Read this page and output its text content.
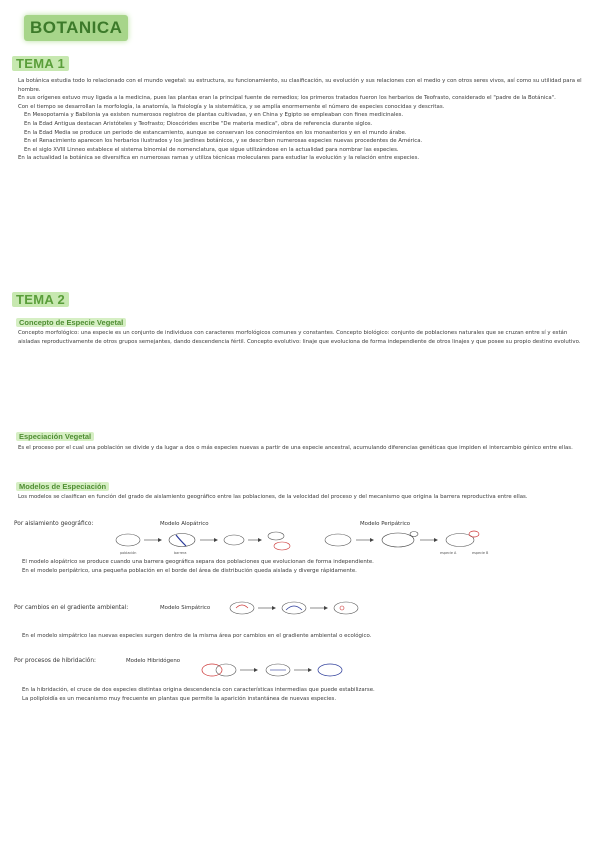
BOTANICA
TEMA 1

La botánica estudia todo lo relacionado con el mundo vegetal: su estructura, su funcionamiento, su clasificación, su evolución y sus relaciones con el medio y con otros seres vivos, así como su utilidad para el hombre.

En sus orígenes estuvo muy ligada a la medicina, pues las plantas eran la principal fuente de remedios; los primeros tratados fueron los herbarios de Teofrasto, considerado el "padre de la Botánica".

Con el tiempo se desarrollan la morfología, la anatomía, la fisiología y la sistemática, y se amplía enormemente el número de especies conocidas y descritas.

En Mesopotamia y Babilonia ya existen numerosos registros de plantas cultivadas, y en China y Egipto se empleaban con fines medicinales.

En la Edad Antigua destacan Aristóteles y Teofrasto; Dioscórides escribe "De materia medica", obra de referencia durante siglos.

En la Edad Media se produce un periodo de estancamiento, aunque se conservan los conocimientos en los monasterios y en el mundo árabe.

En el Renacimiento aparecen los herbarios ilustrados y los jardines botánicos, y se describen numerosas especies nuevas procedentes de América.

En el siglo XVIII Linneo establece el sistema binomial de nomenclatura, que sigue utilizándose en la actualidad para nombrar las especies.

En la actualidad la botánica se diversifica en numerosas ramas y utiliza técnicas moleculares para estudiar la evolución y la relación entre especies.

TEMA 2
Concepto de Especie Vegetal

Concepto morfológico: una especie es un conjunto de individuos con caracteres morfológicos comunes y constantes. Concepto biológico: conjunto de poblaciones naturales que se cruzan entre sí y están aisladas reproductivamente de otros grupos semejantes, dando descendencia fértil. Concepto evolutivo: linaje que evoluciona de forma independiente de otros linajes y que posee su propio destino evolutivo.

Especiación Vegetal

Es el proceso por el cual una población se divide y da lugar a dos o más especies nuevas a partir de una especie ancestral, acumulando diferencias genéticas que impiden el intercambio génico entre ellas.

Modelos de Especiación

Los modelos se clasifican en función del grado de aislamiento geográfico entre las poblaciones, de la velocidad del proceso y del mecanismo que origina la barrera reproductiva entre ellas.

Por aislamiento geográfico:	Modelo Alopátrico	Modelo Peripátrico
población	barrera	especie A	especie B

El modelo alopátrico se produce cuando una barrera geográfica separa dos poblaciones que evolucionan de forma independiente.

En el modelo peripátrico, una pequeña población en el borde del área de distribución queda aislada y diverge rápidamente.

Por cambios en el gradiente ambiental:	Modelo Simpátrico

En el modelo simpátrico las nuevas especies surgen dentro de la misma área por cambios en el gradiente ambiental o ecológico.

Por procesos de hibridación:	Modelo Hibridógeno

En la hibridación, el cruce de dos especies distintas origina descendencia con características intermedias que puede estabilizarse.

La poliploidía es un mecanismo muy frecuente en plantas que permite la aparición instantánea de nuevas especies.
